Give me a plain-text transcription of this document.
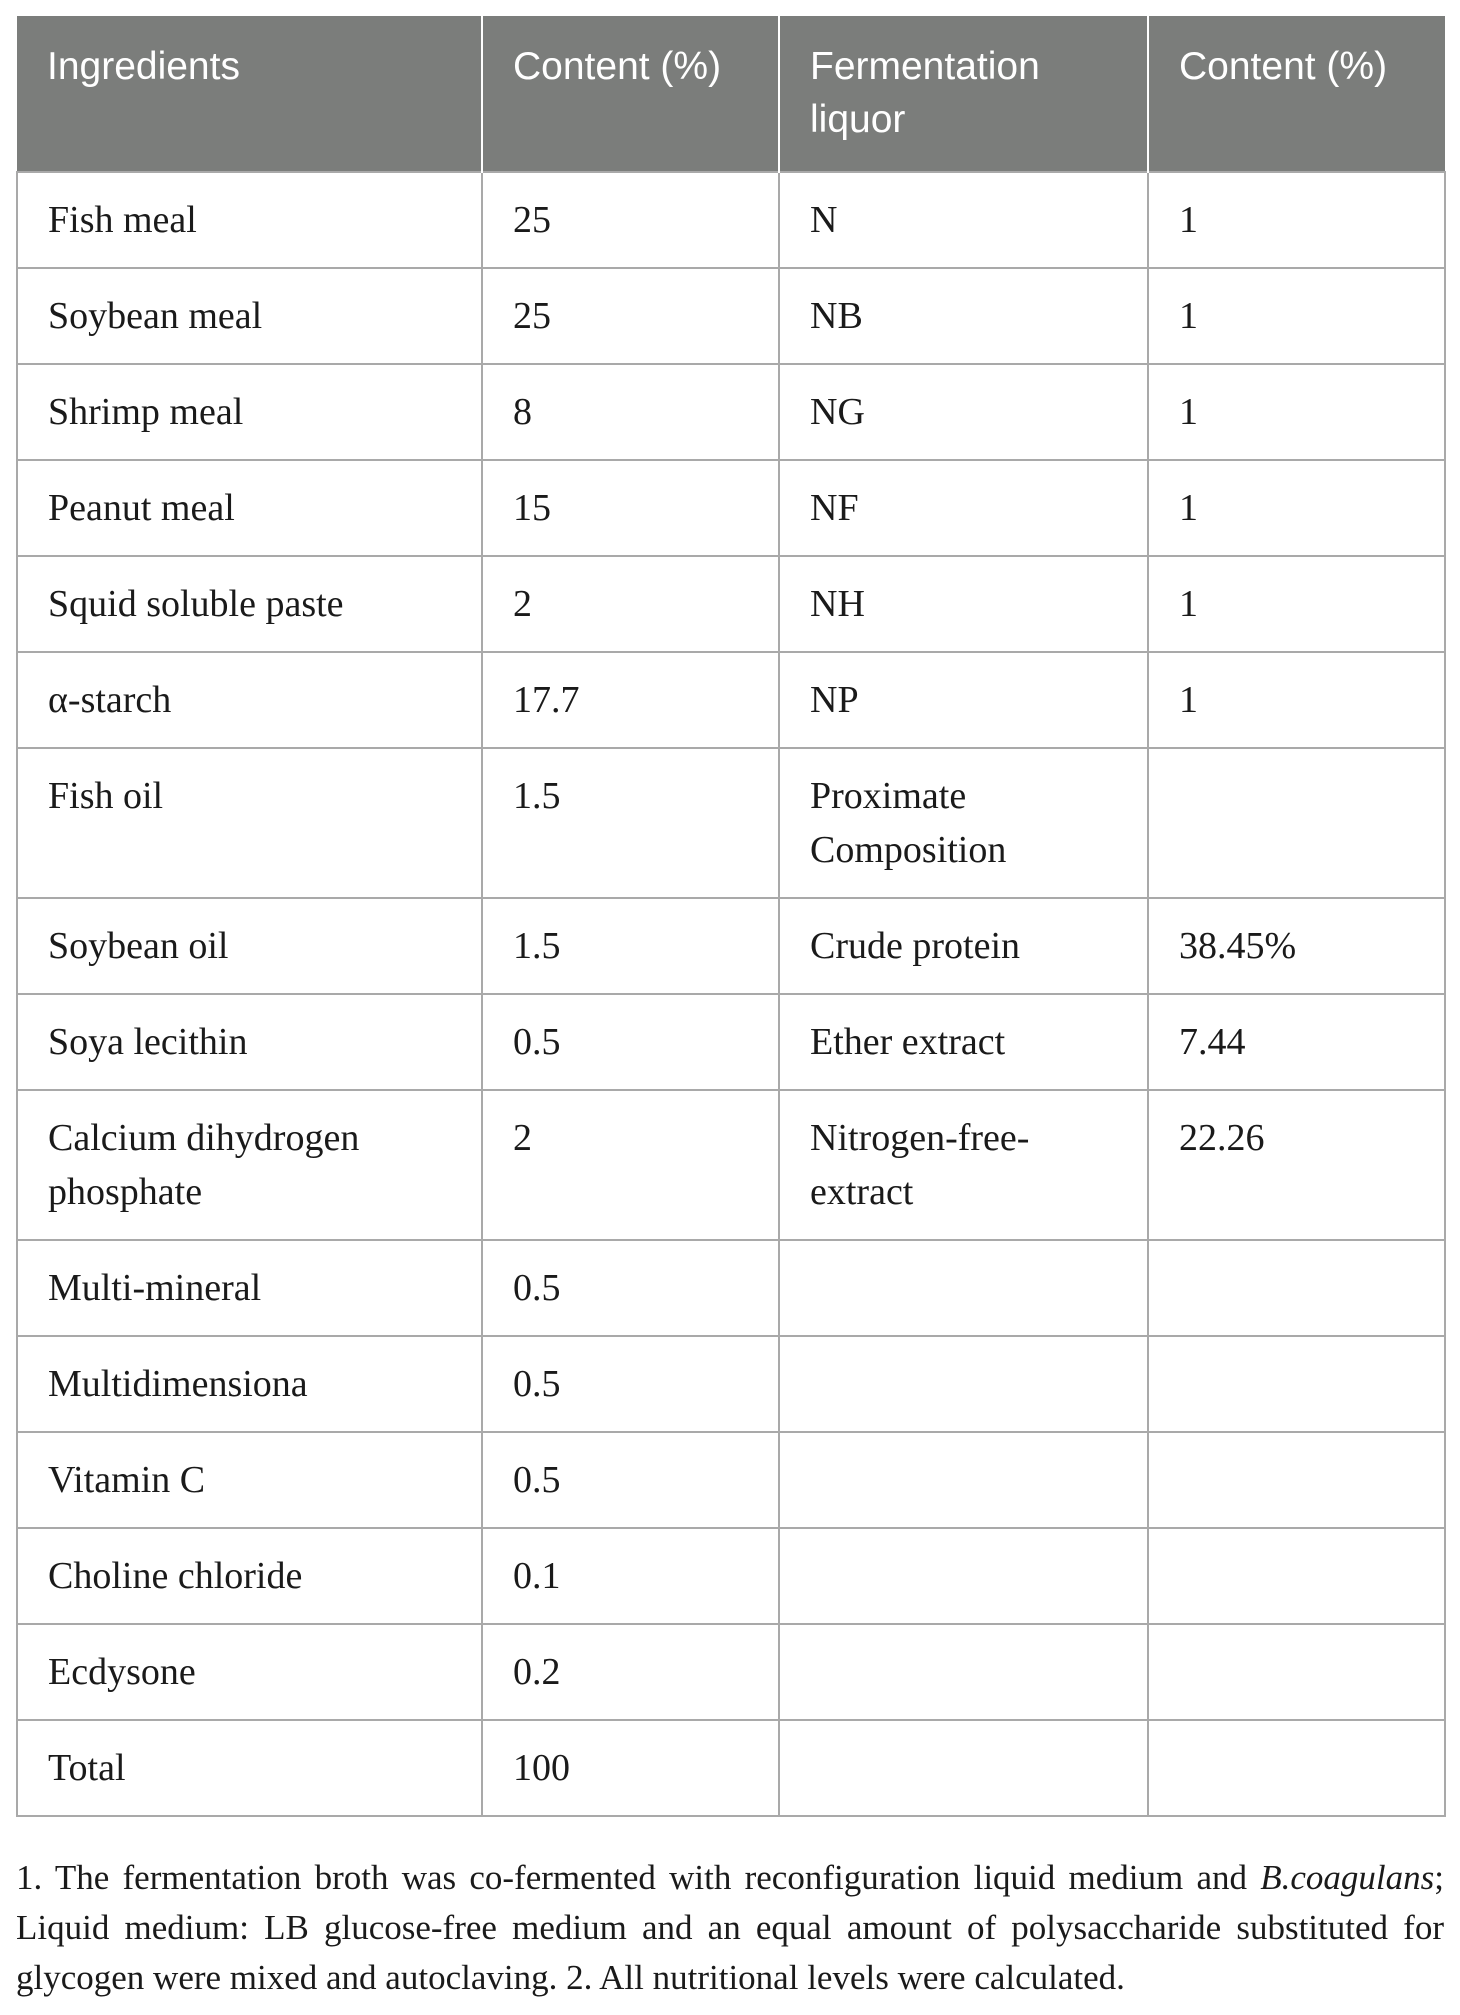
Ingredients	Content (%)	Fermentation liquor	Content (%)
Fish meal	25	N	1
Soybean meal	25	NB	1
Shrimp meal	8	NG	1
Peanut meal	15	NF	1
Squid soluble paste	2	NH	1
α-starch	17.7	NP	1
Fish oil	1.5	Proximate Composition	
Soybean oil	1.5	Crude protein	38.45%
Soya lecithin	0.5	Ether extract	7.44
Calcium dihydrogen phosphate	2	Nitrogen-free-extract	22.26
Multi-mineral	0.5		
Multidimensiona	0.5		
Vitamin C	0.5		
Choline chloride	0.1		
Ecdysone	0.2		
Total	100		

1. The fermentation broth was co-fermented with reconfiguration liquid medium and B.coagulans; Liquid medium: LB glucose-free medium and an equal amount of polysaccharide substituted for glycogen were mixed and autoclaving. 2. All nutritional levels were calculated.
